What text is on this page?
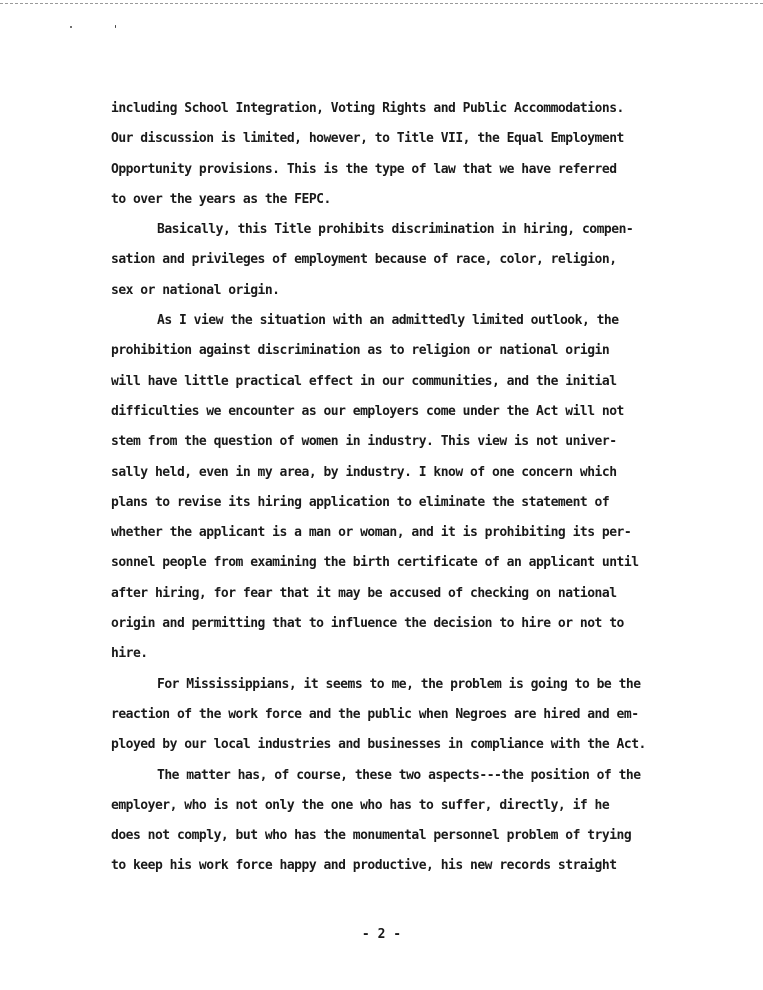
including School Integration, Voting Rights and Public Accommodations.
Our discussion is limited, however, to Title VII, the Equal Employment
Opportunity provisions. This is the type of law that we have referred
to over the years as the FEPC.
Basically, this Title prohibits discrimination in hiring, compen-
sation and privileges of employment because of race, color, religion,
sex or national origin.
As I view the situation with an admittedly limited outlook, the
prohibition against discrimination as to religion or national origin
will have little practical effect in our communities, and the initial
difficulties we encounter as our employers come under the Act will not
stem from the question of women in industry. This view is not univer-
sally held, even in my area, by industry. I know of one concern which
plans to revise its hiring application to eliminate the statement of
whether the applicant is a man or woman, and it is prohibiting its per-
sonnel people from examining the birth certificate of an applicant until
after hiring, for fear that it may be accused of checking on national
origin and permitting that to influence the decision to hire or not to
hire.
For Mississippians, it seems to me, the problem is going to be the
reaction of the work force and the public when Negroes are hired and em-
ployed by our local industries and businesses in compliance with the Act.
The matter has, of course, these two aspects---the position of the
employer, who is not only the one who has to suffer, directly, if he
does not comply, but who has the monumental personnel problem of trying
to keep his work force happy and productive, his new records straight
- 2 -
